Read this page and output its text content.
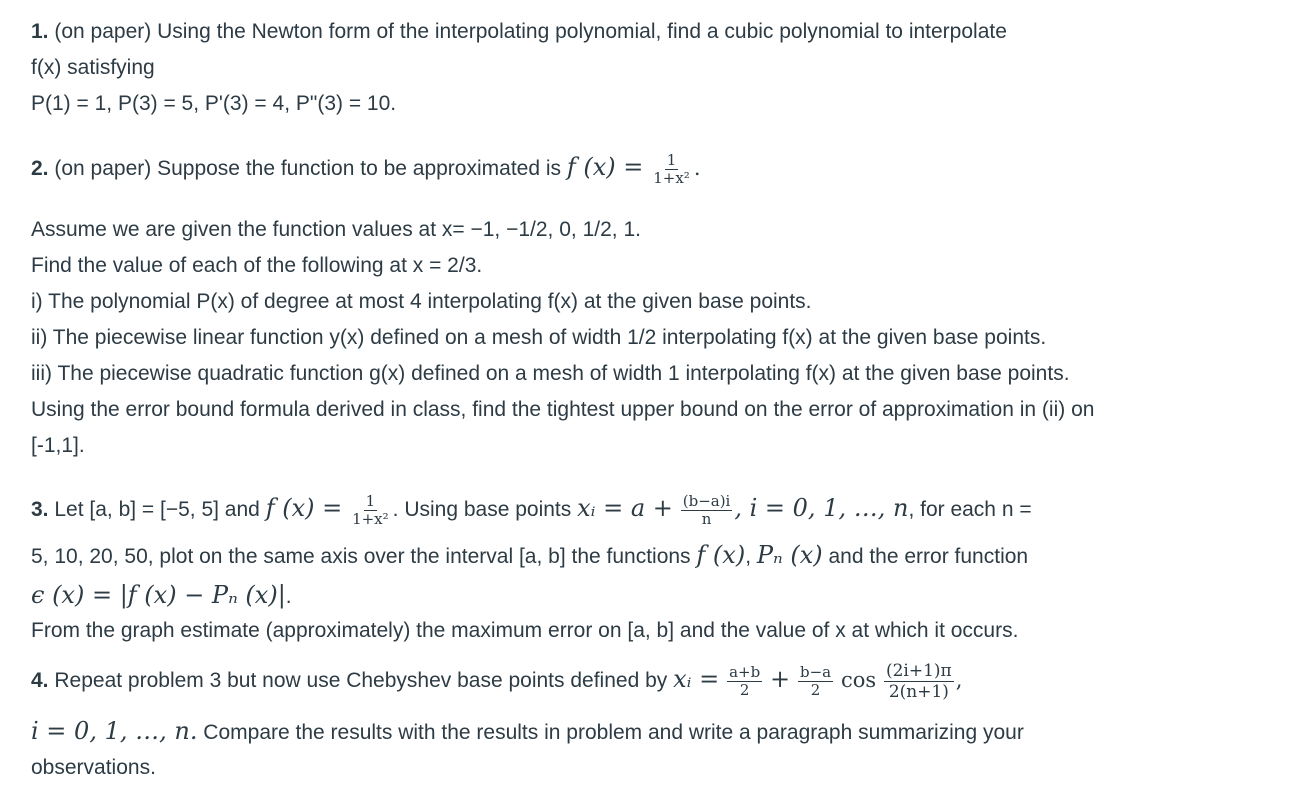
1. (on paper) Using the Newton form of the interpolating polynomial, find a cubic polynomial to interpolate
f(x) satisfying
P(1) = 1, P(3) = 5, P'(3) = 4, P"(3) = 10.
2. (on paper) Suppose the function to be approximated is f $(x) = \frac{1}{\text{1+x²}}$ .
Assume we are given the function values at x= −1, −1/2, 0, 1/2, 1.
Find the value of each of the following at x = 2/3.
i) The polynomial P(x) of degree at most 4 interpolating f(x) at the given base points.
ii) The piecewise linear function y(x) defined on a mesh of width 1/2 interpolating f(x) at the given base points.
iii) The piecewise quadratic function g(x) defined on a mesh of width 1 interpolating f(x) at the given base points.
Using the error bound formula derived in class, find the tightest upper bound on the error of approximation in (ii) on
[-1,1].
3. Let [a, b] = [−5, 5] and f $(x) = \frac{1}{\text{1+x²}}$ . Using base points xᵢ = $a + \frac{(b-a)i}{n}$ , i = 0, 1, …, n, for each n =
5, 10, 20, 50, plot on the same axis over the interval [a, b] the functions f (x), Pₙ (x) and the error function
ϵ (x) = |f (x) − Pₙ (x)|.
From the graph estimate (approximately) the maximum error on [a, b] and the value of x at which it occurs.
4. Repeat problem 3 but now use Chebyshev base points defined by xᵢ = $\frac{a+b}{2} + \frac{b-a}{2}$ $\cos \frac{(2i+1)\pi}{2(n+1)}$ ,
i = 0, 1, …, n. Compare the results with the results in problem and write a paragraph summarizing your
observations.
